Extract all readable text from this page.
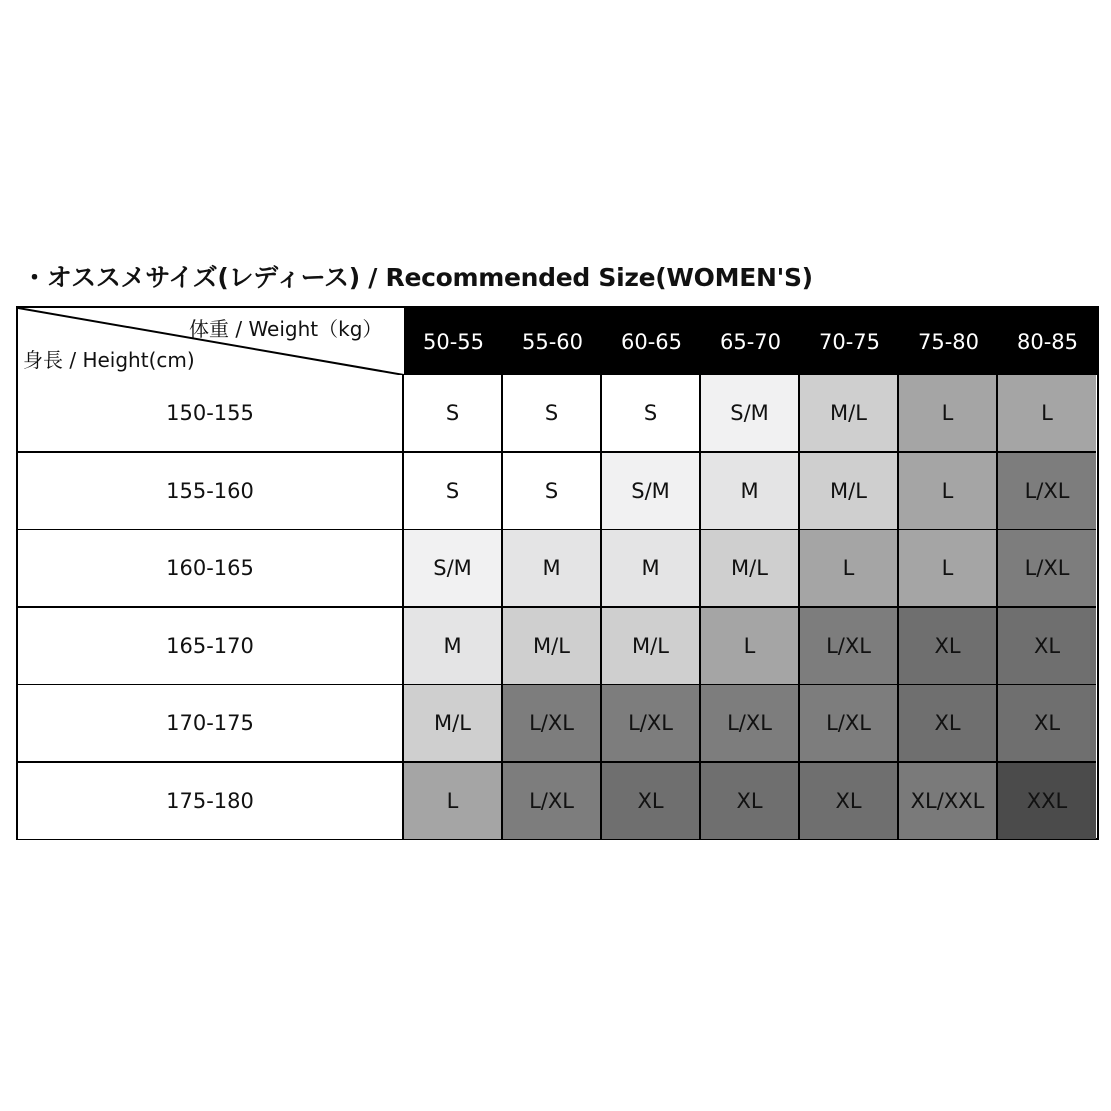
・オススメサイズ(レディース) / Recommended Size(WOMEN'S)
体重 / Weight（kg）
身長 / Height(cm)
50-55	55-60	60-65	65-70	70-75	75-80	80-85
150-155	S	S	S	S/M	M/L	L	L
155-160	S	S	S/M	M	M/L	L	L/XL
160-165	S/M	M	M	M/L	L	L	L/XL
165-170	M	M/L	M/L	L	L/XL	XL	XL
170-175	M/L	L/XL	L/XL	L/XL	L/XL	XL	XL
175-180	L	L/XL	XL	XL	XL	XL/XXL	XXL
